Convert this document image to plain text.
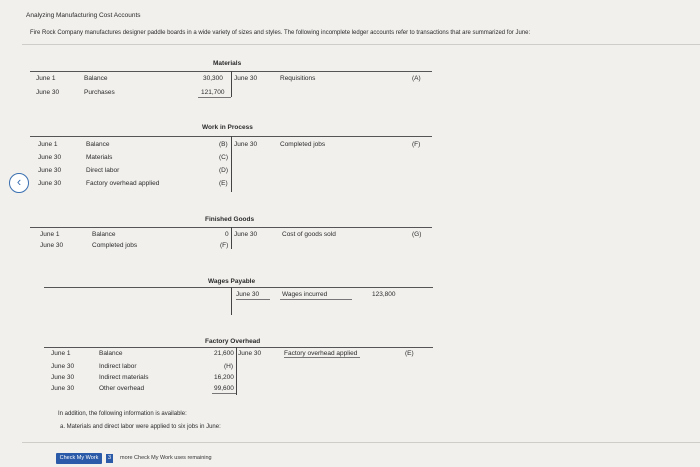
Analyzing Manufacturing Cost Accounts
Fire Rock Company manufactures designer paddle boards in a wide variety of sizes and styles. The following incomplete ledger accounts refer to transactions that are summarized for June:
Materials
June 1	Balance	30,300 June 30	Requisitions	(A)
June 30	Purchases	121,700
Work in Process
June 1	Balance	(B) June 30	Completed jobs	(F)
June 30	Materials	(C)
June 30	Direct labor	(D)
June 30	Factory overhead applied	(E)
‹
Finished Goods
June 1	Balance	0 June 30	Cost of goods sold	(G)
June 30	Completed jobs	(F)
Wages Payable
June 30	Wages incurred	123,800
Factory Overhead
June 1	Balance	21,600 June 30	Factory overhead applied	(E)
June 30	Indirect labor	(H)
June 30	Indirect materials	16,200
June 30	Other overhead	99,600
In addition, the following information is available:
a. Materials and direct labor were applied to six jobs in June:
Check My Work	3	more Check My Work uses remaining
